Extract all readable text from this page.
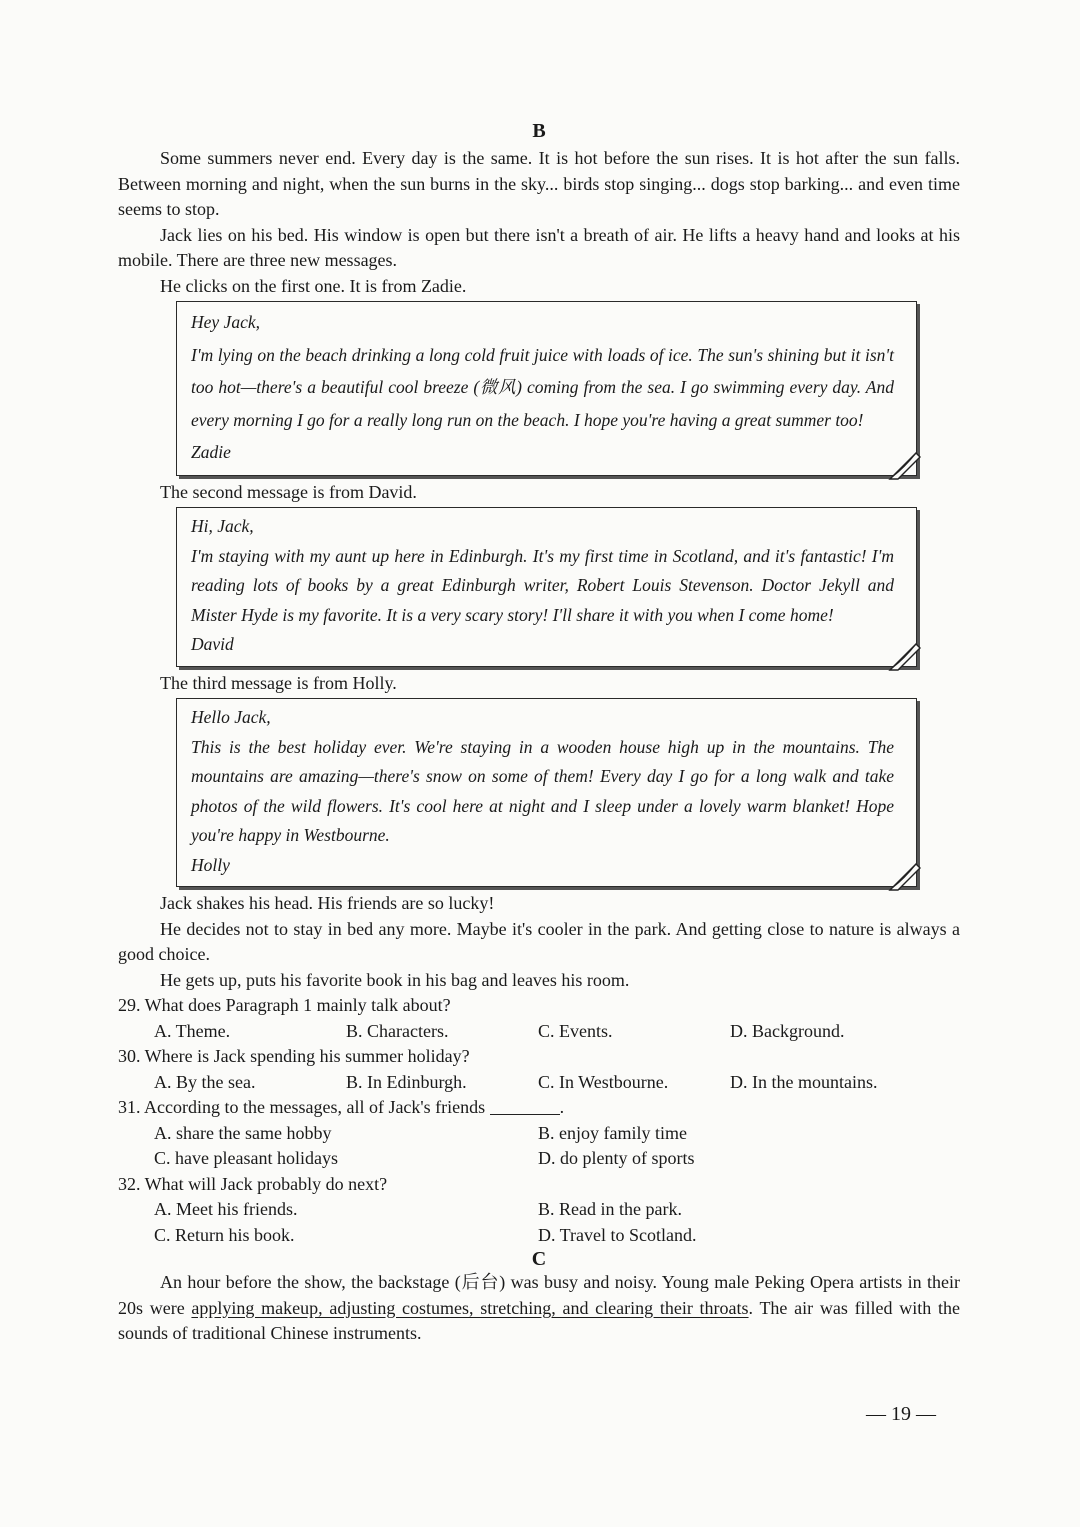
B

Some summers never end. Every day is the same. It is hot before the sun rises. It is hot after the sun falls. Between morning and night, when the sun burns in the sky... birds stop singing... dogs stop barking... and even time seems to stop.

Jack lies on his bed. His window is open but there isn't a breath of air. He lifts a heavy hand and looks at his mobile. There are three new messages.

He clicks on the first one. It is from Zadie.

Hey Jack,
I'm lying on the beach drinking a long cold fruit juice with loads of ice. The sun's shining but it isn't too hot—there's a beautiful cool breeze (微风) coming from the sea. I go swimming every day. And every morning I go for a really long run on the beach. I hope you're having a great summer too!
Zadie

The second message is from David.

Hi, Jack,
I'm staying with my aunt up here in Edinburgh. It's my first time in Scotland, and it's fantastic! I'm reading lots of books by a great Edinburgh writer, Robert Louis Stevenson. Doctor Jekyll and Mister Hyde is my favorite. It is a very scary story! I'll share it with you when I come home!
David

The third message is from Holly.

Hello Jack,
This is the best holiday ever. We're staying in a wooden house high up in the mountains. The mountains are amazing—there's snow on some of them! Every day I go for a long walk and take photos of the wild flowers. It's cool here at night and I sleep under a lovely warm blanket! Hope you're happy in Westbourne.
Holly

Jack shakes his head. His friends are so lucky!

He decides not to stay in bed any more. Maybe it's cooler in the park. And getting close to nature is always a good choice.

He gets up, puts his favorite book in his bag and leaves his room.

29. What does Paragraph 1 mainly talk about?
A. Theme.	B. Characters.	C. Events.	D. Background.
30. Where is Jack spending his summer holiday?
A. By the sea.	B. In Edinburgh.	C. In Westbourne.	D. In the mountains.
31. According to the messages, all of Jack's friends	.
A. share the same hobby	B. enjoy family time
C. have pleasant holidays	D. do plenty of sports
32. What will Jack probably do next?
A. Meet his friends.	B. Read in the park.
C. Return his book.	D. Travel to Scotland.
C

An hour before the show, the backstage (后台) was busy and noisy. Young male Peking Opera artists in their 20s were applying makeup, adjusting costumes, stretching, and clearing their throats. The air was filled with the sounds of traditional Chinese instruments.

— 19 —
